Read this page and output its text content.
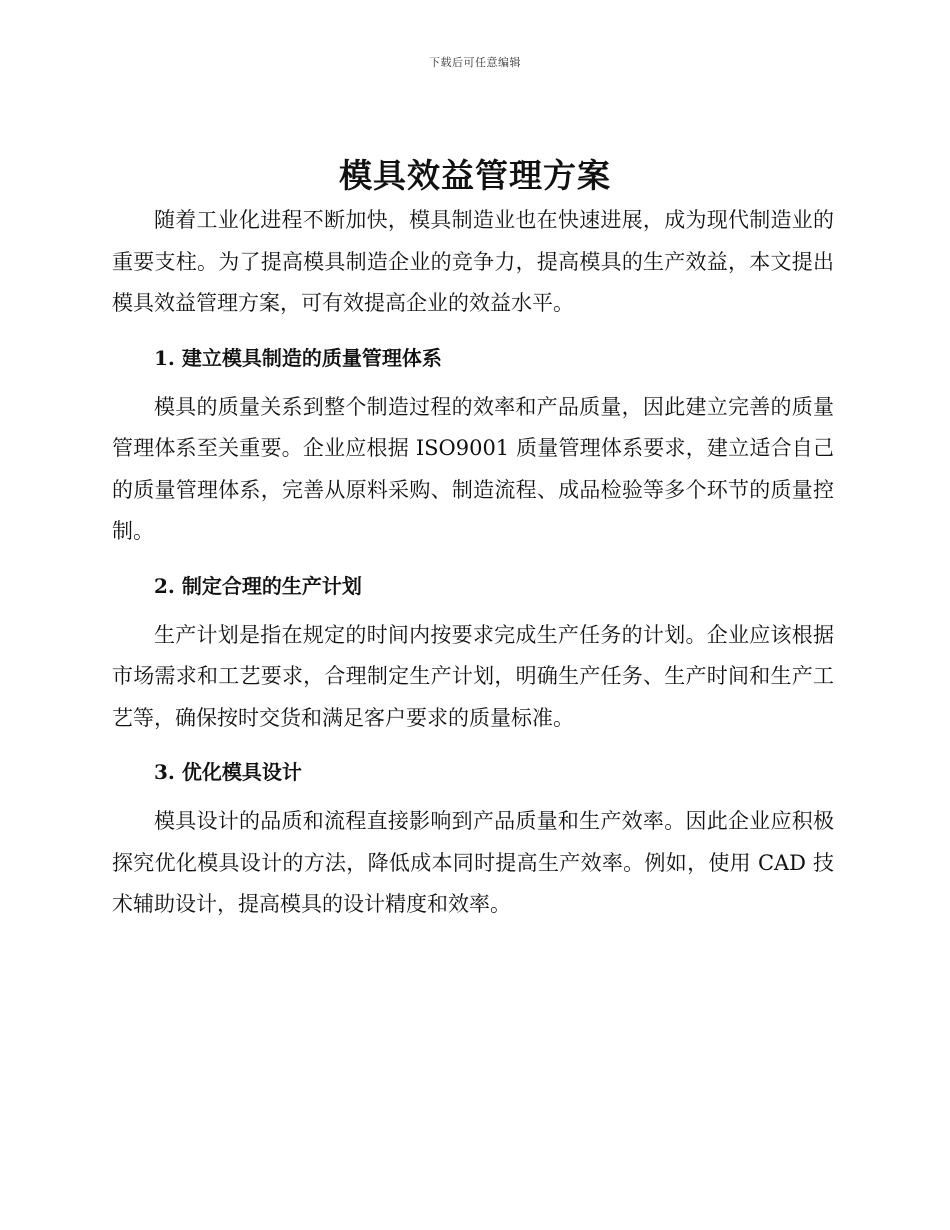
下载后可任意编辑
模具效益管理方案

随着工业化进程不断加快，模具制造业也在快速进展，成为现代制造业的重要支柱。为了提高模具制造企业的竞争力，提高模具的生产效益，本文提出模具效益管理方案，可有效提高企业的效益水平。

1. 建立模具制造的质量管理体系

模具的质量关系到整个制造过程的效率和产品质量，因此建立完善的质量管理体系至关重要。企业应根据 ISO9001 质量管理体系要求，建立适合自己的质量管理体系，完善从原料采购、制造流程、成品检验等多个环节的质量控制。

2. 制定合理的生产计划

生产计划是指在规定的时间内按要求完成生产任务的计划。企业应该根据市场需求和工艺要求，合理制定生产计划，明确生产任务、生产时间和生产工艺等，确保按时交货和满足客户要求的质量标准。

3. 优化模具设计

模具设计的品质和流程直接影响到产品质量和生产效率。因此企业应积极探究优化模具设计的方法，降低成本同时提高生产效率。例如，使用 CAD 技术辅助设计，提高模具的设计精度和效率。
